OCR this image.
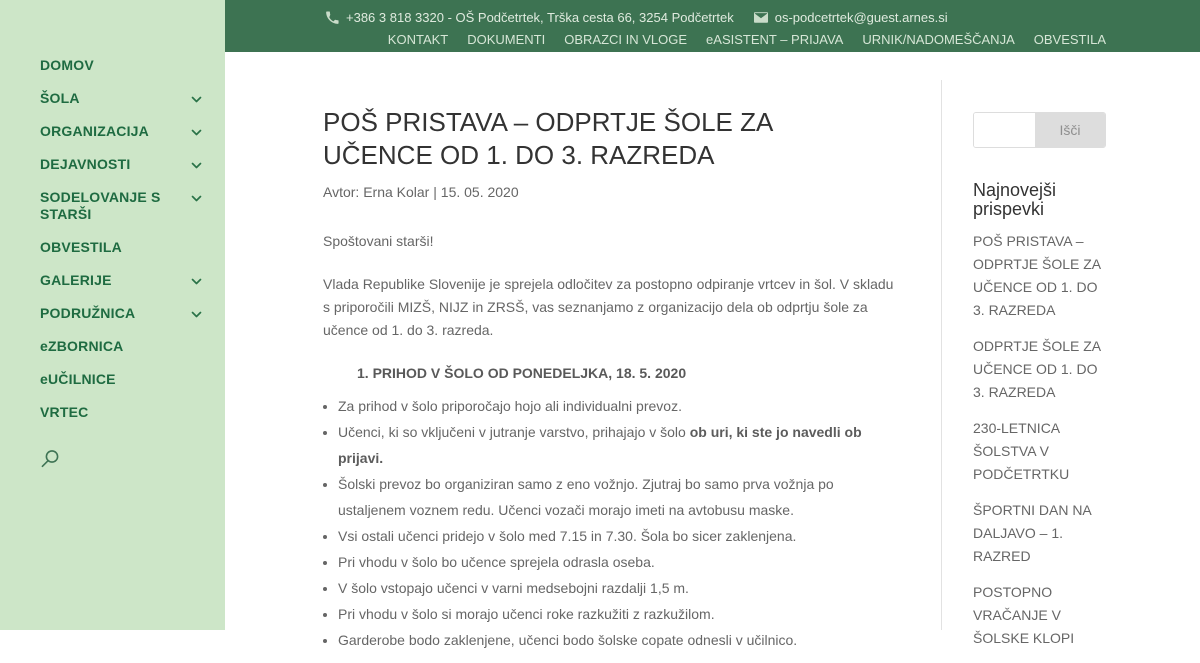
DOMOV
ŠOLA
ORGANIZACIJA
DEJAVNOSTI
SODELOVANJE S STARŠI
OBVESTILA
GALERIJE
PODRUŽNICA
eZBORNICA
eUČILNICE
VRTEC
+386 3 818 3320 - OŠ Podčetrtek, Trška cesta 66, 3254 Podčetrtek	os-podcetrtek@guest.arnes.si
KONTAKT DOKUMENTI OBRAZCI IN VLOGE eASISTENT – PRIJAVA URNIK/NADOMEŠČANJA OBVESTILA
POŠ PRISTAVA – ODPRTJE ŠOLE ZA
UČENCE OD 1. DO 3. RAZREDA
Avtor: Erna Kolar | 15. 05. 2020

Spoštovani starši!

Vlada Republike Slovenije je sprejela odločitev za postopno odpiranje vrtcev in šol. V skladu s priporočili MIZŠ, NIJZ in ZRSŠ, vas seznanjamo z organizacijo dela ob odprtju šole za učence od 1. do 3. razreda.

1. PRIHOD V ŠOLO OD PONEDELJKA, 18. 5. 2020
• Za prihod v šolo priporočajo hojo ali individualni prevoz.
• Učenci, ki so vključeni v jutranje varstvo, prihajajo v šolo ob uri, ki ste jo navedli ob prijavi.
• Šolski prevoz bo organiziran samo z eno vožnjo. Zjutraj bo samo prva vožnja po ustaljenem voznem redu. Učenci vozači morajo imeti na avtobusu maske.
• Vsi ostali učenci pridejo v šolo med 7.15 in 7.30. Šola bo sicer zaklenjena.
• Pri vhodu v šolo bo učence sprejela odrasla oseba.
• V šolo vstopajo učenci v varni medsebojni razdalji 1,5 m.
• Pri vhodu v šolo si morajo učenci roke razkužiti z razkužilom.
• Garderobe bodo zaklenjene, učenci bodo šolske copate odnesli v učilnico.
Išči
Najnovejši prispevki
POŠ PRISTAVA – ODPRTJE ŠOLE ZA UČENCE OD 1. DO 3. RAZREDA
ODPRTJE ŠOLE ZA UČENCE OD 1. DO 3. RAZREDA
230-LETNICA ŠOLSTVA V PODČETRTKU
ŠPORTNI DAN NA DALJAVO – 1. RAZRED
POSTOPNO VRAČANJE V ŠOLSKE KLOPI
